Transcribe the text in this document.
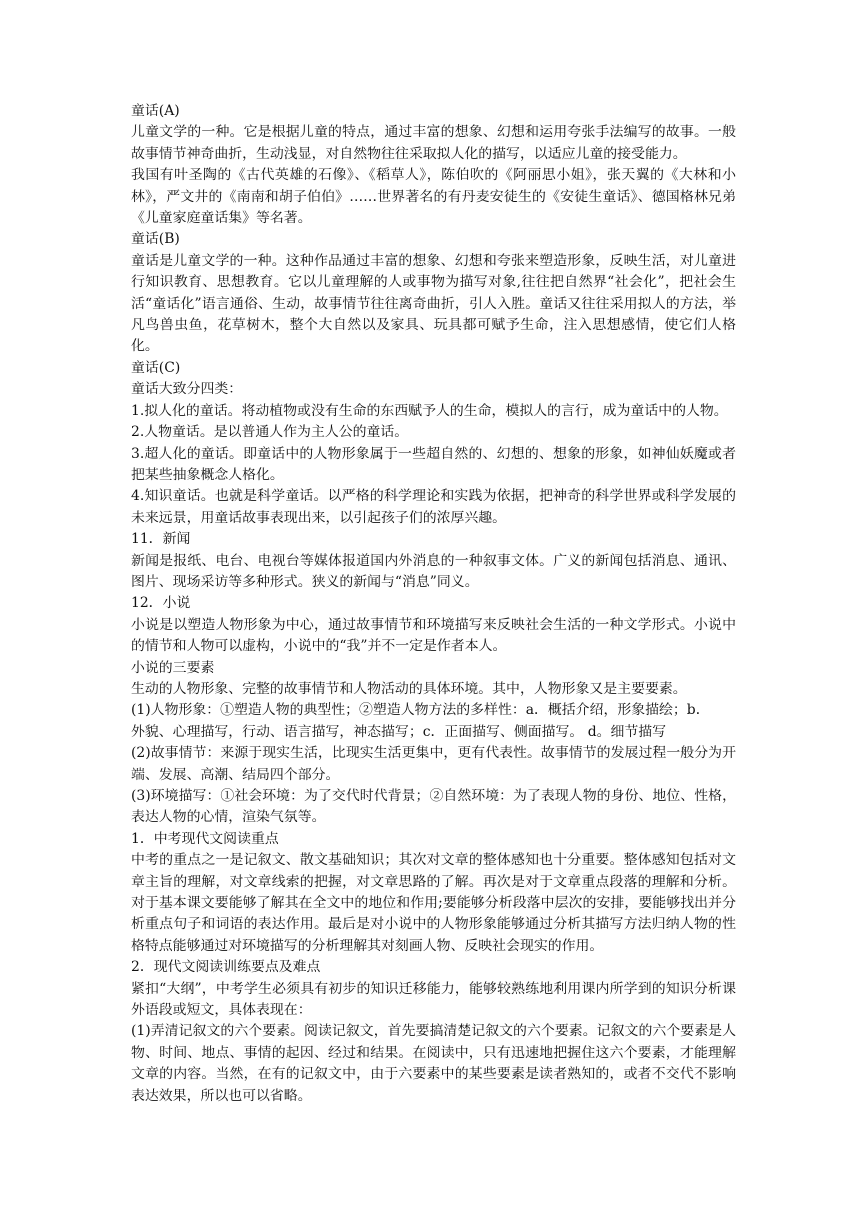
童话(A)

儿童文学的一种。它是根据儿童的特点，通过丰富的想象、幻想和运用夸张手法编写的故事。一般故事情节神奇曲折，生动浅显，对自然物往往采取拟人化的描写，以适应儿童的接受能力。

我国有叶圣陶的《古代英雄的石像》、《稻草人》，陈伯吹的《阿丽思小姐》，张天翼的《大林和小林》，严文井的《南南和胡子伯伯》……世界著名的有丹麦安徒生的《安徒生童话》、德国格林兄弟《儿童家庭童话集》等名著。

童话(B)

童话是儿童文学的一种。这种作品通过丰富的想象、幻想和夸张来塑造形象，反映生活，对儿童进行知识教育、思想教育。它以儿童理解的人或事物为描写对象,往往把自然界“社会化”，把社会生活“童话化”语言通俗、生动，故事情节往往离奇曲折，引人入胜。童话又往往采用拟人的方法，举凡鸟兽虫鱼，花草树木，整个大自然以及家具、玩具都可赋予生命，注入思想感情，使它们人格化。

童话(C)

童话大致分四类：

1.拟人化的童话。将动植物或没有生命的东西赋予人的生命，模拟人的言行，成为童话中的人物。

2.人物童话。是以普通人作为主人公的童话。

3.超人化的童话。即童话中的人物形象属于一些超自然的、幻想的、想象的形象，如神仙妖魔或者把某些抽象概念人格化。

4.知识童话。也就是科学童话。以严格的科学理论和实践为依据，把神奇的科学世界或科学发展的未来远景，用童话故事表现出来，以引起孩子们的浓厚兴趣。

11．新闻

新闻是报纸、电台、电视台等媒体报道国内外消息的一种叙事文体。广义的新闻包括消息、通讯、图片、现场采访等多种形式。狭义的新闻与“消息”同义。

12．小说

小说是以塑造人物形象为中心，通过故事情节和环境描写来反映社会生活的一种文学形式。小说中的情节和人物可以虚构，小说中的“我”并不一定是作者本人。

小说的三要素

生动的人物形象、完整的故事情节和人物活动的具体环境。其中，人物形象又是主要要素。

(1)人物形象：①塑造人物的典型性；②塑造人物方法的多样性：a．概括介绍，形象描绘；b．

外貌、心理描写，行动、语言描写，神态描写；c．正面描写、侧面描写。 d。细节描写

(2)故事情节：来源于现实生活，比现实生活更集中，更有代表性。故事情节的发展过程一般分为开端、发展、高潮、结局四个部分。

(3)环境描写：①社会环境：为了交代时代背景；②自然环境：为了表现人物的身份、地位、性格，表达人物的心情，渲染气氛等。

1．中考现代文阅读重点

中考的重点之一是记叙文、散文基础知识；其次对文章的整体感知也十分重要。整体感知包括对文章主旨的理解，对文章线索的把握，对文章思路的了解。再次是对于文章重点段落的理解和分析。对于基本课文要能够了解其在全文中的地位和作用;要能够分析段落中层次的安排，要能够找出并分析重点句子和词语的表达作用。最后是对小说中的人物形象能够通过分析其描写方法归纳人物的性格特点能够通过对环境描写的分析理解其对刻画人物、反映社会现实的作用。

2．现代文阅读训练要点及难点

紧扣“大纲”，中考学生必须具有初步的知识迁移能力，能够较熟练地利用课内所学到的知识分析课外语段或短文，具体表现在：

(1)弄清记叙文的六个要素。阅读记叙文，首先要搞清楚记叙文的六个要素。记叙文的六个要素是人物、时间、地点、事情的起因、经过和结果。在阅读中，只有迅速地把握住这六个要素，才能理解文章的内容。当然，在有的记叙文中，由于六要素中的某些要素是读者熟知的，或者不交代不影响表达效果，所以也可以省略。
